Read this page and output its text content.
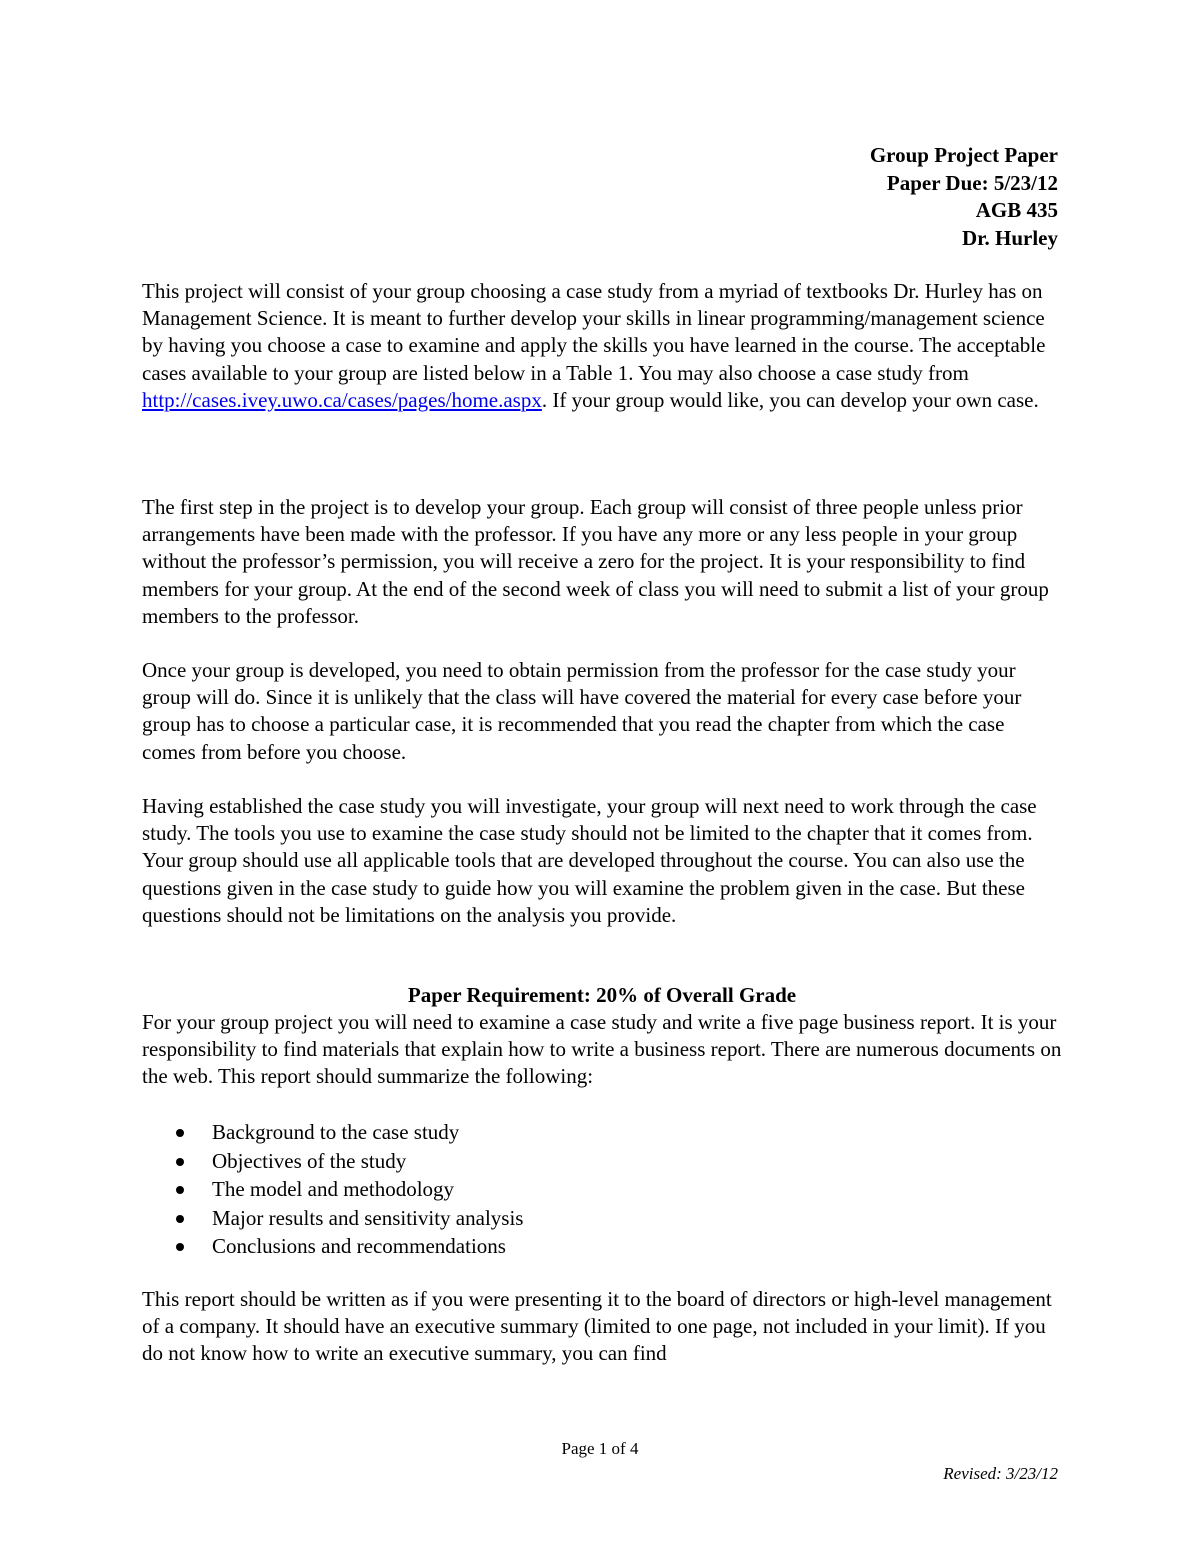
Group Project Paper
Paper Due: 5/23/12
AGB 435
Dr. Hurley

This project will consist of your group choosing a case study from a myriad of textbooks Dr. Hurley has on Management Science. It is meant to further develop your skills in linear programming/management science by having you choose a case to examine and apply the skills you have learned in the course. The acceptable cases available to your group are listed below in a Table 1. You may also choose a case study from http://cases.ivey.uwo.ca/cases/pages/home.aspx. If your group would like, you can develop your own case.

The first step in the project is to develop your group. Each group will consist of three people unless prior arrangements have been made with the professor. If you have any more or any less people in your group without the professor’s permission, you will receive a zero for the project. It is your responsibility to find members for your group. At the end of the second week of class you will need to submit a list of your group members to the professor.

Once your group is developed, you need to obtain permission from the professor for the case study your group will do. Since it is unlikely that the class will have covered the material for every case before your group has to choose a particular case, it is recommended that you read the chapter from which the case comes from before you choose.

Having established the case study you will investigate, your group will next need to work through the case study. The tools you use to examine the case study should not be limited to the chapter that it comes from. Your group should use all applicable tools that are developed throughout the course. You can also use the questions given in the case study to guide how you will examine the problem given in the case. But these questions should not be limitations on the analysis you provide.

Paper Requirement: 20% of Overall Grade

For your group project you will need to examine a case study and write a five page business report. It is your responsibility to find materials that explain how to write a business report. There are numerous documents on the web. This report should summarize the following:

Background to the case study
Objectives of the study
The model and methodology
Major results and sensitivity analysis
Conclusions and recommendations

This report should be written as if you were presenting it to the board of directors or high-level management of a company. It should have an executive summary (limited to one page, not included in your limit). If you do not know how to write an executive summary, you can find

Page 1 of 4
Revised: 3/23/12
